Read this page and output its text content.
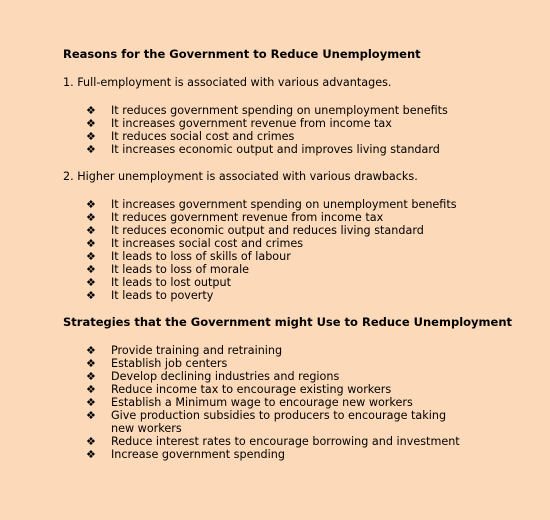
Reasons for the Government to Reduce Unemployment

1. Full-employment is associated with various advantages.

❖ It reduces government spending on unemployment benefits
❖ It increases government revenue from income tax
❖ It reduces social cost and crimes
❖ It increases economic output and improves living standard

2. Higher unemployment is associated with various drawbacks.

❖ It increases government spending on unemployment benefits
❖ It reduces government revenue from income tax
❖ It reduces economic output and reduces living standard
❖ It increases social cost and crimes
❖ It leads to loss of skills of labour
❖ It leads to loss of morale
❖ It leads to lost output
❖ It leads to poverty

Strategies that the Government might Use to Reduce Unemployment

❖ Provide training and retraining
❖ Establish job centers
❖ Develop declining industries and regions
❖ Reduce income tax to encourage existing workers
❖ Establish a Minimum wage to encourage new workers
❖ Give production subsidies to producers to encourage taking new workers
❖ Reduce interest rates to encourage borrowing and investment
❖ Increase government spending
